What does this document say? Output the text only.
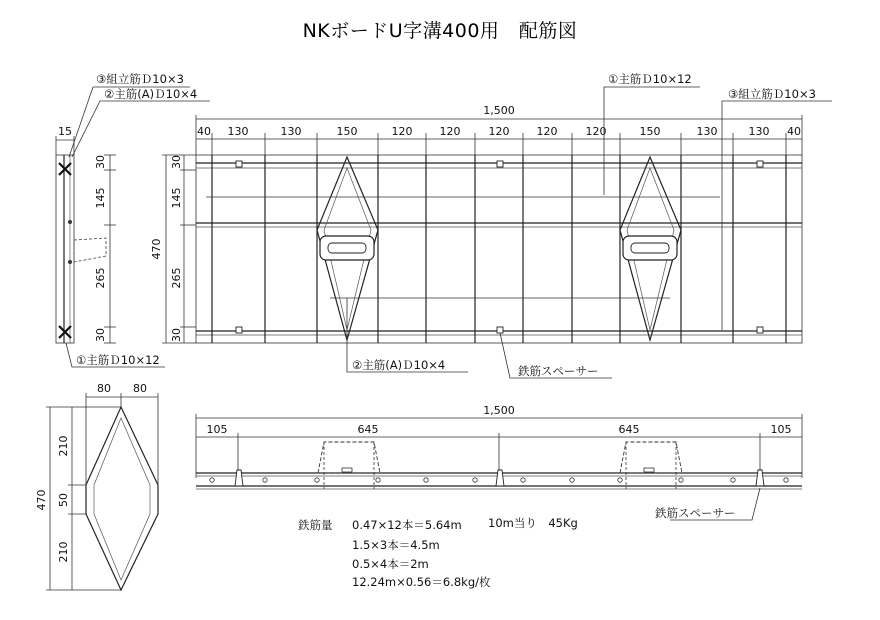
NKボードU字溝400用　配筋図
30
145
265
30
15
③組立筋Ｄ10×3
②主筋(A)Ｄ10×4
①主筋Ｄ10×12
1,500
40 130	130	150	120 120	120 120	120	150	130	130 40
470
30
145
265
30
①主筋Ｄ10×12
③組立筋Ｄ10×3
②主筋(A)Ｄ10×4	鉄筋スペーサー
80 80
470
210
50
210
1,500
105	645	645	105
鉄筋スペーサー
鉄筋量 0.47×12本＝5.64m 10m当り　45Kg
1.5×3本＝4.5m
0.5×4本＝2m
12.24m×0.56＝6.8kg/枚
